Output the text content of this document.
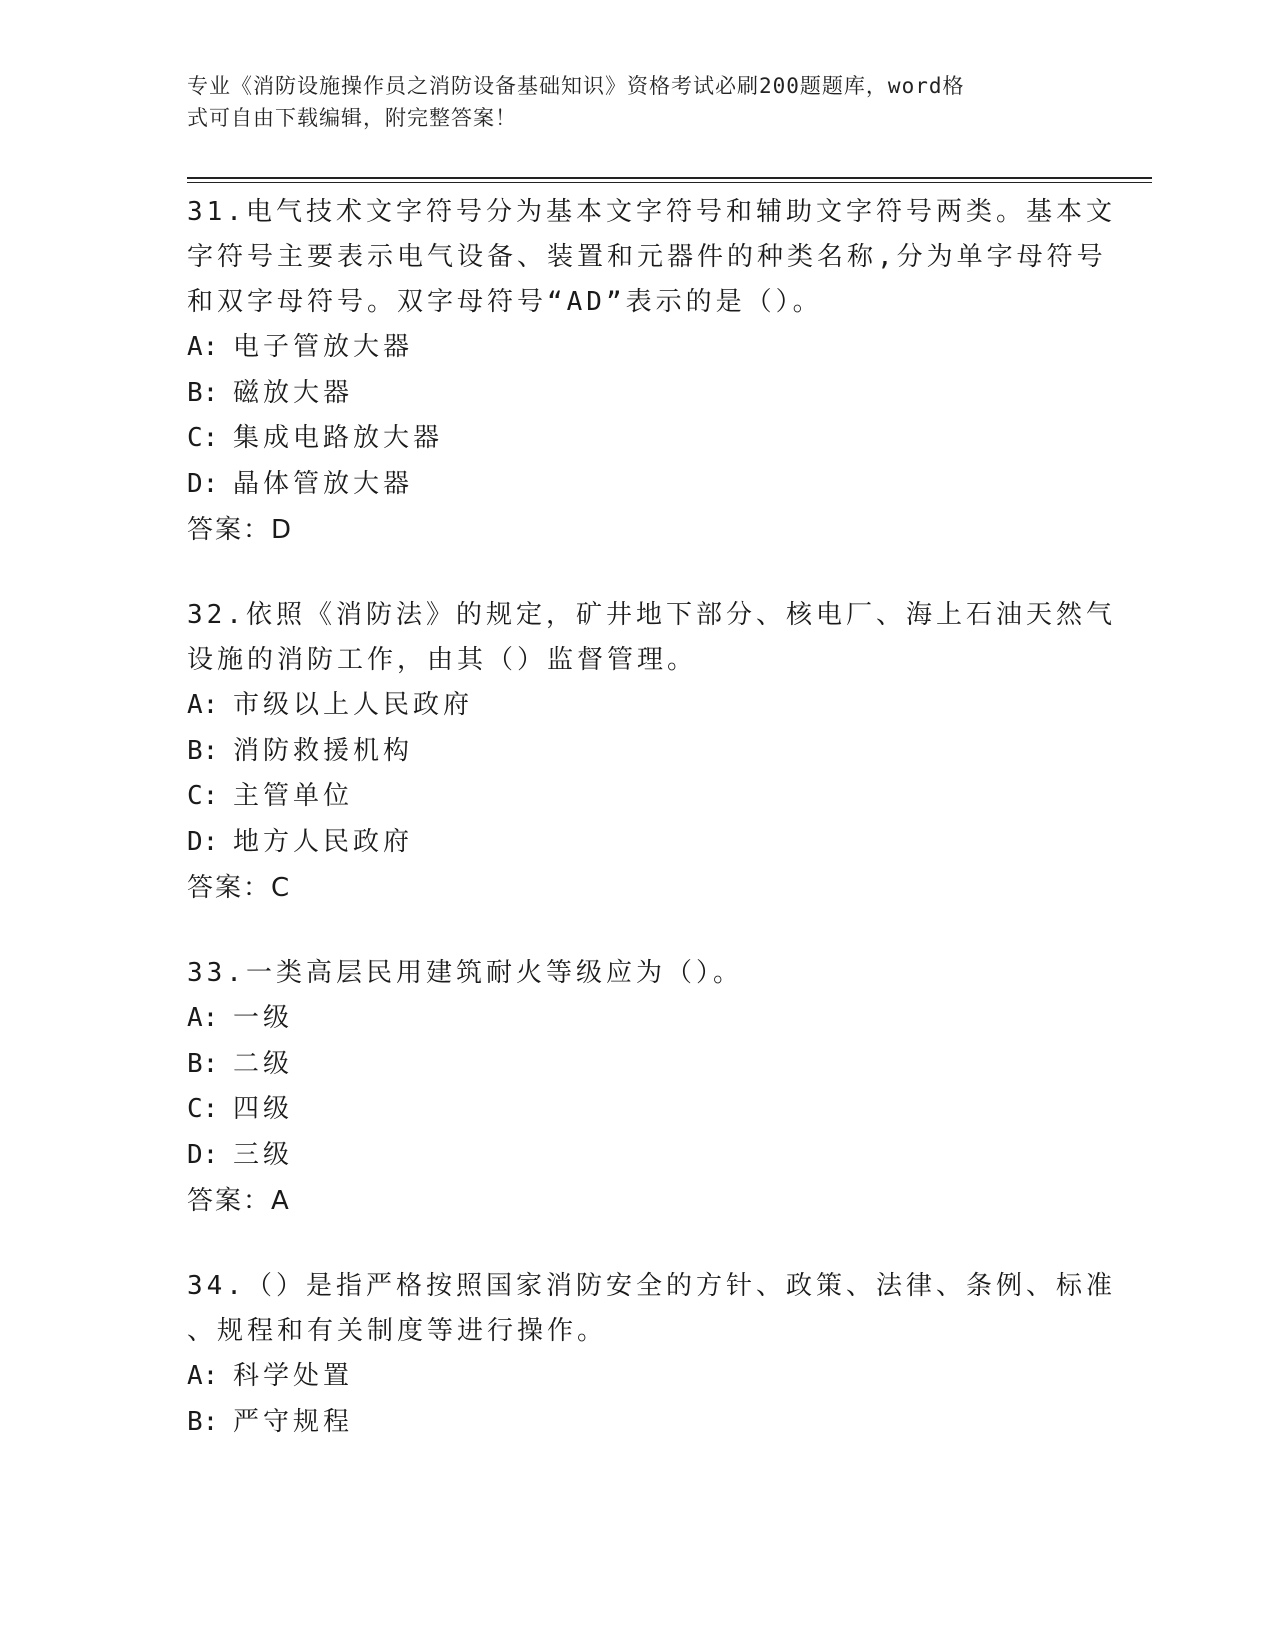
专业《消防设施操作员之消防设备基础知识》资格考试必刷200题题库，word格
式可自由下载编辑，附完整答案！
31.电气技术文字符号分为基本文字符号和辅助文字符号两类。基本文
字符号主要表示电气设备、装置和元器件的种类名称,分为单字母符号
和双字母符号。双字母符号“AD”表示的是（）。
A: 电子管放大器
B: 磁放大器
C: 集成电路放大器
D: 晶体管放大器
答案：D
32.依照《消防法》的规定，矿井地下部分、核电厂、海上石油天然气
设施的消防工作，由其（）监督管理。
A: 市级以上人民政府
B: 消防救援机构
C: 主管单位
D: 地方人民政府
答案：C
33.一类高层民用建筑耐火等级应为（）。
A: 一级
B: 二级
C: 四级
D: 三级
答案：A
34.（）是指严格按照国家消防安全的方针、政策、法律、条例、标准
、规程和有关制度等进行操作。
A: 科学处置
B: 严守规程
